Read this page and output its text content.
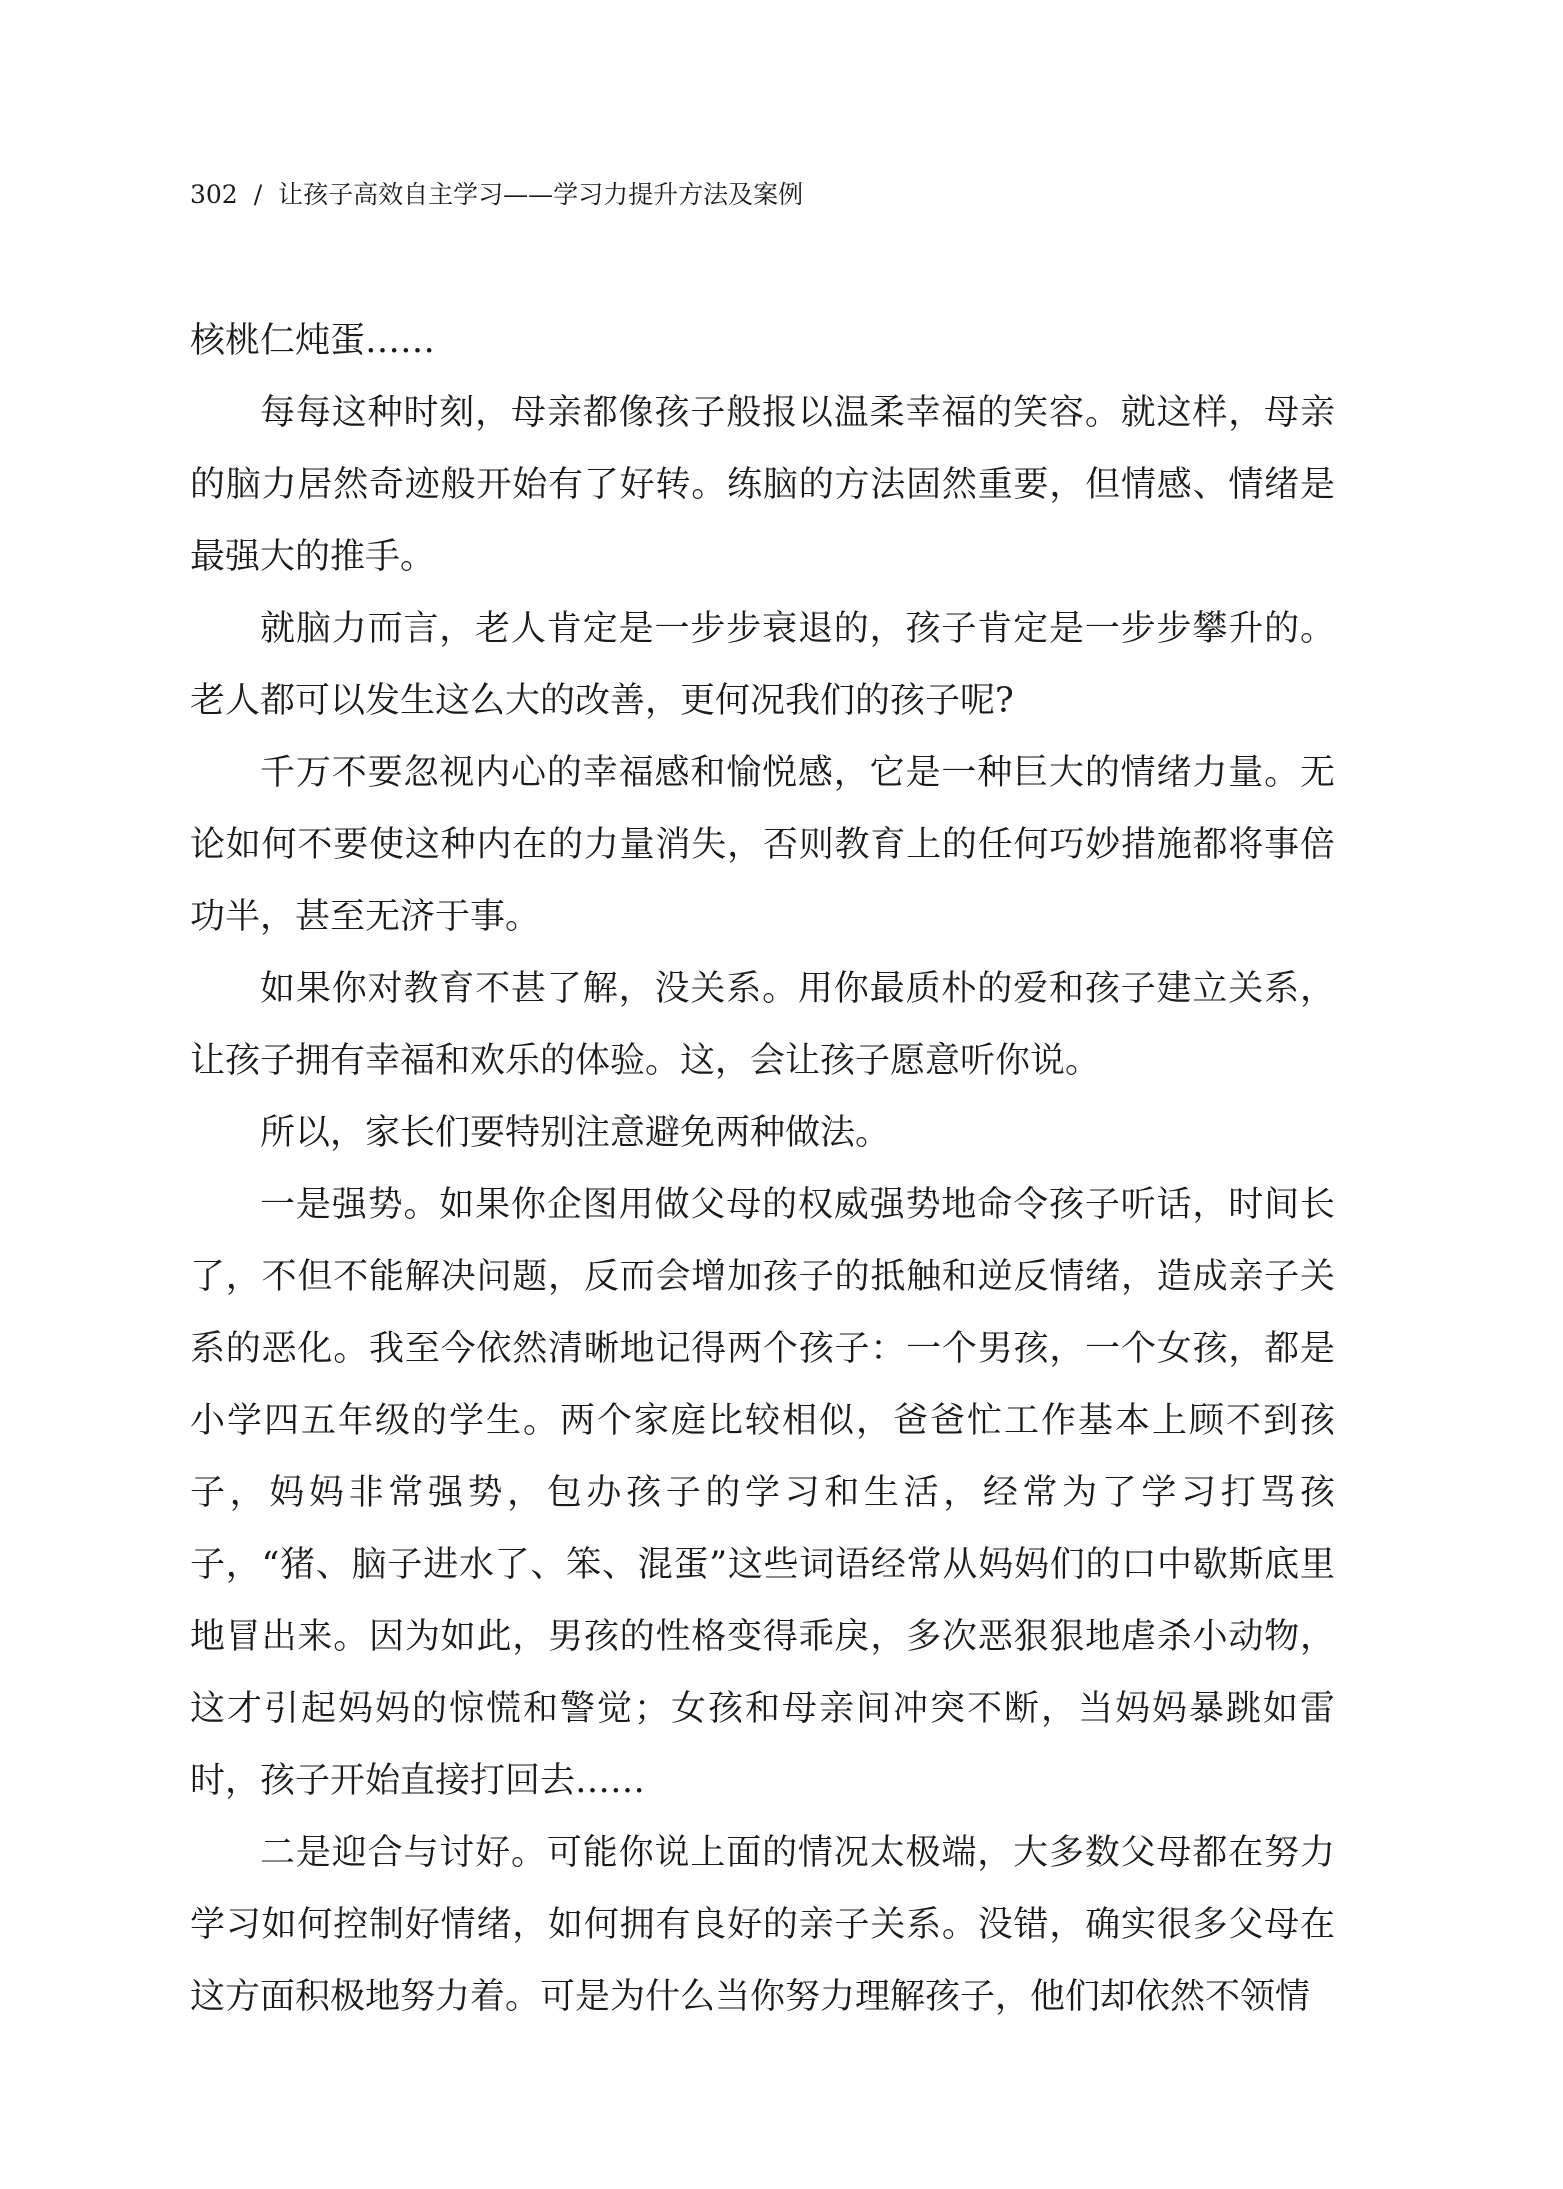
302 / 让孩子高效自主学习——学习力提升方法及案例

核桃仁炖蛋……

每每这种时刻，母亲都像孩子般报以温柔幸福的笑容。就这样，母亲的脑力居然奇迹般开始有了好转。练脑的方法固然重要，但情感、情绪是最强大的推手。

就脑力而言，老人肯定是一步步衰退的，孩子肯定是一步步攀升的。老人都可以发生这么大的改善，更何况我们的孩子呢?

千万不要忽视内心的幸福感和愉悦感，它是一种巨大的情绪力量。无论如何不要使这种内在的力量消失，否则教育上的任何巧妙措施都将事倍功半，甚至无济于事。

如果你对教育不甚了解，没关系。用你最质朴的爱和孩子建立关系，让孩子拥有幸福和欢乐的体验。这，会让孩子愿意听你说。

所以，家长们要特别注意避免两种做法。

一是强势。如果你企图用做父母的权威强势地命令孩子听话，时间长了，不但不能解决问题，反而会增加孩子的抵触和逆反情绪，造成亲子关系的恶化。我至今依然清晰地记得两个孩子：一个男孩，一个女孩，都是小学四五年级的学生。两个家庭比较相似，爸爸忙工作基本上顾不到孩子，妈妈非常强势，包办孩子的学习和生活，经常为了学习打骂孩子，“猪、脑子进水了、笨、混蛋”这些词语经常从妈妈们的口中歇斯底里地冒出来。因为如此，男孩的性格变得乖戾，多次恶狠狠地虐杀小动物，这才引起妈妈的惊慌和警觉；女孩和母亲间冲突不断，当妈妈暴跳如雷时，孩子开始直接打回去……

二是迎合与讨好。可能你说上面的情况太极端，大多数父母都在努力学习如何控制好情绪，如何拥有良好的亲子关系。没错，确实很多父母在这方面积极地努力着。可是为什么当你努力理解孩子，他们却依然不领情
